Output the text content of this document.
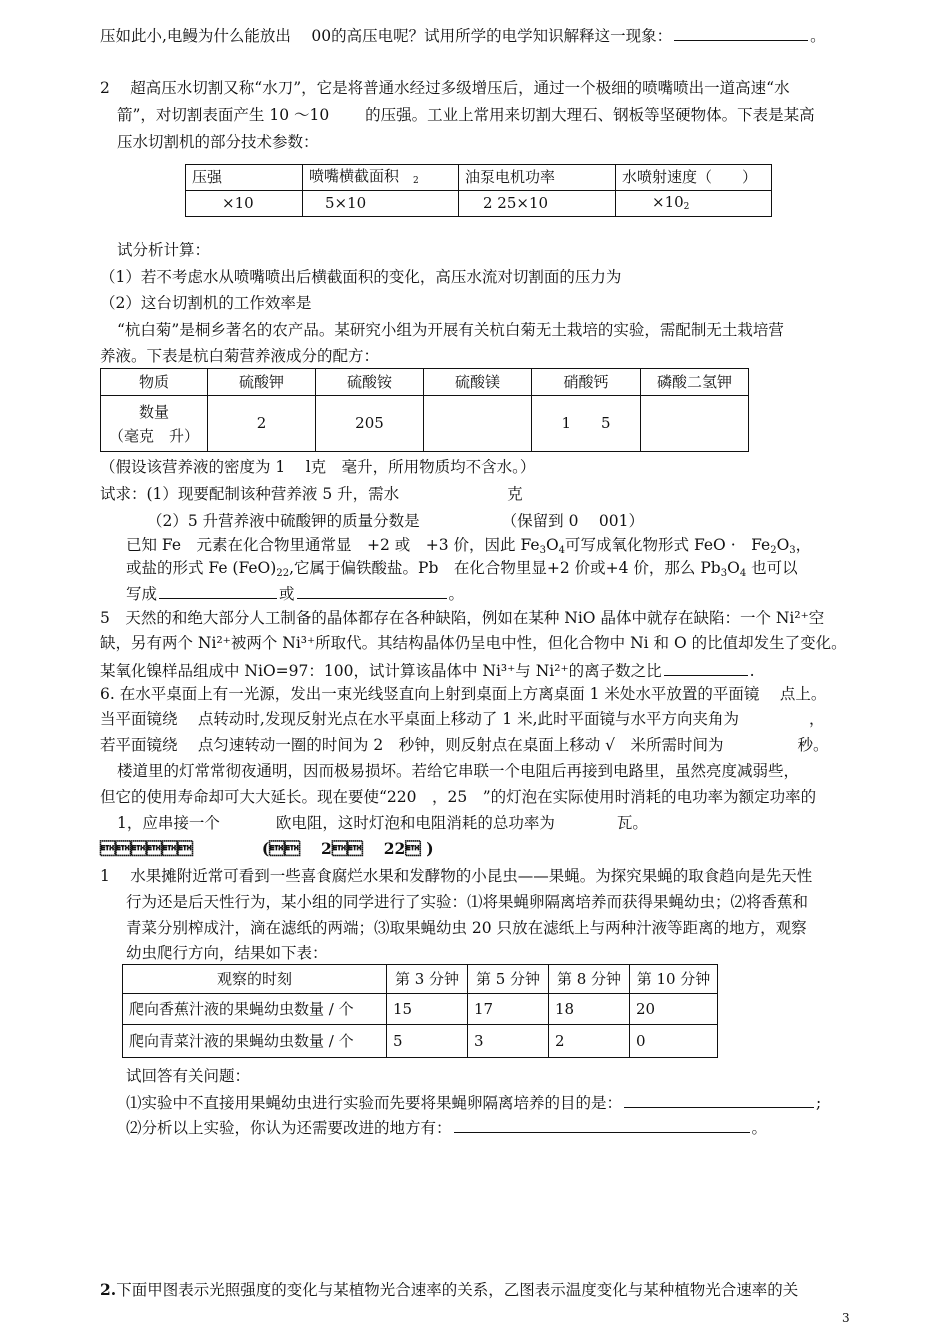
压如此小,电鳗为什么能放出　 00的高压电呢？试用所学的电学知识解释这一现象：	。
2　 超高压水切割又称“水刀”，它是将普通水经过多级增压后，通过一个极细的喷嘴喷出一道高速“水
箭”，对切割表面产生 10 ～10　　 的压强。工业上常用来切割大理石、钢板等坚硬物体。下表是某高
压水切割机的部分技术参数：
压强	喷嘴横截面积 2	油泵电机功率	水喷射速度（　　）
×10	5×10	2 25×10	×102
试分析计算：
（1）若不考虑水从喷嘴喷出后横截面积的变化，高压水流对切割面的压力为
（2）这台切割机的工作效率是
“杭白菊”是桐乡著名的农产品。某研究小组为开展有关杭白菊无土栽培的实验，需配制无土栽培营
养液。下表是杭白菊营养液成分的配方：
物质	硫酸钾	硫酸铵	硫酸镁	硝酸钙	磷酸二氢钾

数量
（毫克　升）	2	205		1　　5	
（假设该营养液的密度为 1　 l克　毫升，所用物质均不含水。）
试求：(1）现要配制该种营养液 5 升，需水	克
（2）5 升营养液中硫酸钾的质量分数是	（保留到 0　 001）
已知 Fe　元素在化合物里通常显　+2 或　+3 价，因此 $Fe_3O_4$可写成氧化物形式 FeO ·　$Fe_2O_3$，
或盐的形式 Fe $(FeO)_{22}$,它属于偏铁酸盐。Pb　在化合物里显+2 价或+4 价，那么 $Pb_3O_4$ 也可以
写成	或	。
5　天然的和绝大部分人工制备的晶体都存在各种缺陷，例如在某种 NiO 晶体中就存在缺陷：一个 Ni²⁺空
缺，另有两个 Ni²⁺被两个 Ni³⁺所取代。其结构晶体仍呈电中性，但化合物中 Ni 和 O 的比值却发生了变化。
某氧化镍样品组成中 NiO=97：100，试计算该晶体中 Ni³⁺与 Ni²⁺的离子数之比	.
6. 在水平桌面上有一光源，发出一束光线竖直向上射到桌面上方离桌面 1 米处水平放置的平面镜　 点上。
当平面镜绕　 点转动时,发现反射光点在水平桌面上移动了 1 米,此时平面镜与水平方向夹角为	，
若平面镜绕　 点匀速转动一圈的时间为 2　秒钟，则反射点在桌面上移动 √　米所需时间为	秒。
楼道里的灯常常彻夜通明，因而极易损坏。若给它串联一个电阻后再接到电路里，虽然亮度减弱些，
但它的使用寿命却可大大延长。现在要使“220　，25　”的灯泡在实际使用时消耗的电功率为额定功率的
1，应串接一个	欧电阻，这时灯泡和电阻消耗的总功率为	瓦。
	(　 2　 22 )
1　 水果摊附近常可看到一些喜食腐烂水果和发酵物的小昆虫——果蝇。为探究果蝇的取食趋向是先天性
行为还是后天性行为，某小组的同学进行了实验：⑴将果蝇卵隔离培养而获得果蝇幼虫；⑵将香蕉和
青菜分别榨成汁，滴在滤纸的两端；⑶取果蝇幼虫 20 只放在滤纸上与两种汁液等距离的地方，观察
幼虫爬行方向，结果如下表：
观察的时刻	第 3 分钟	第 5 分钟	第 8 分钟	第 10 分钟
爬向香蕉汁液的果蝇幼虫数量 / 个	15	17	18	20
爬向青菜汁液的果蝇幼虫数量 / 个	5	3	2	0
试回答有关问题：
⑴实验中不直接用果蝇幼虫进行实验而先要将果蝇卵隔离培养的目的是：	;
⑵分析以上实验，你认为还需要改进的地方有：	。
2.下面甲图表示光照强度的变化与某植物光合速率的关系，乙图表示温度变化与某种植物光合速率的关
3
